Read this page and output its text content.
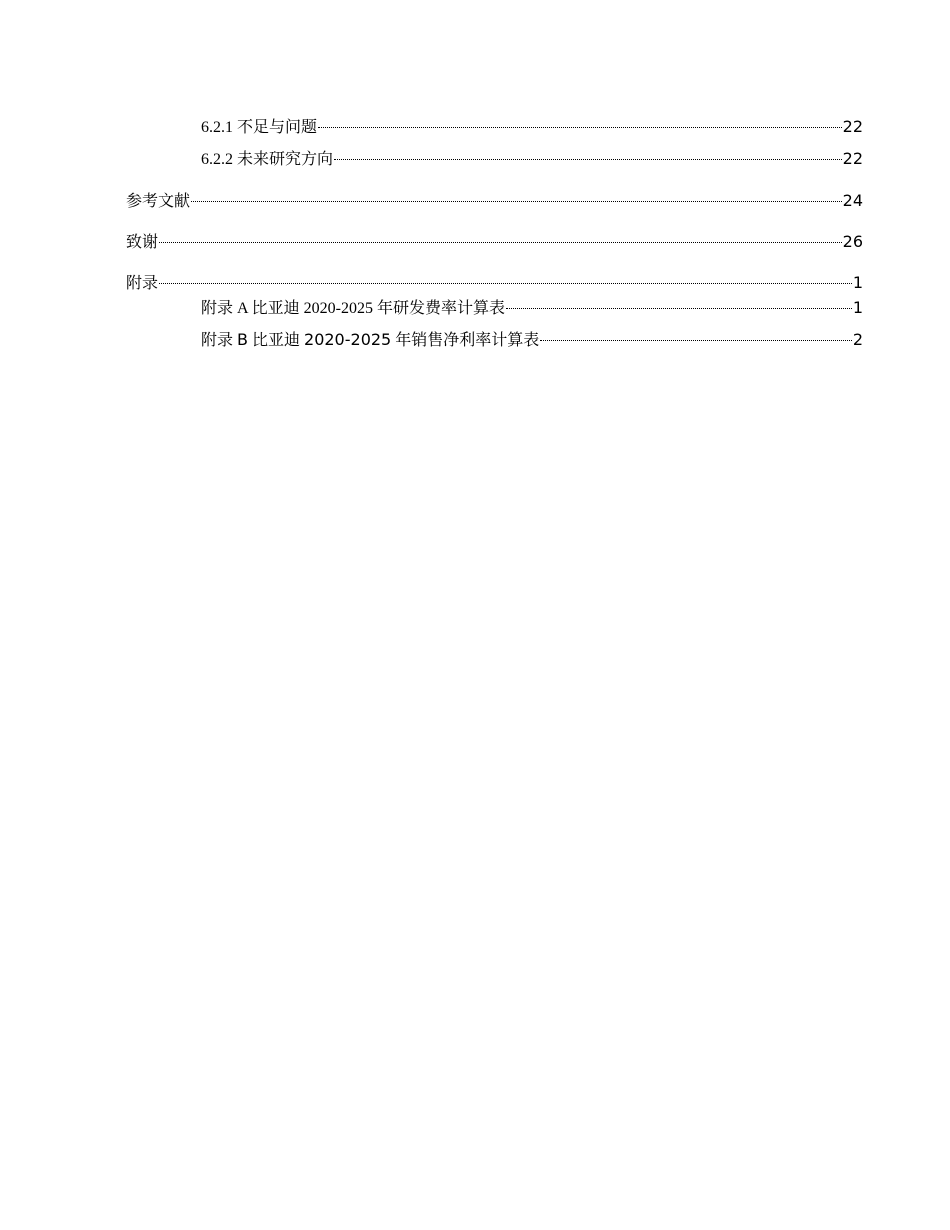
6.2.1 不足与问题	22
6.2.2 未来研究方向	22
参考文献	24
致谢	26
附录	1
附录 A 比亚迪 2020-2025 年研发费率计算表	1
附录 B 比亚迪 2020-2025 年销售净利率计算表	2
